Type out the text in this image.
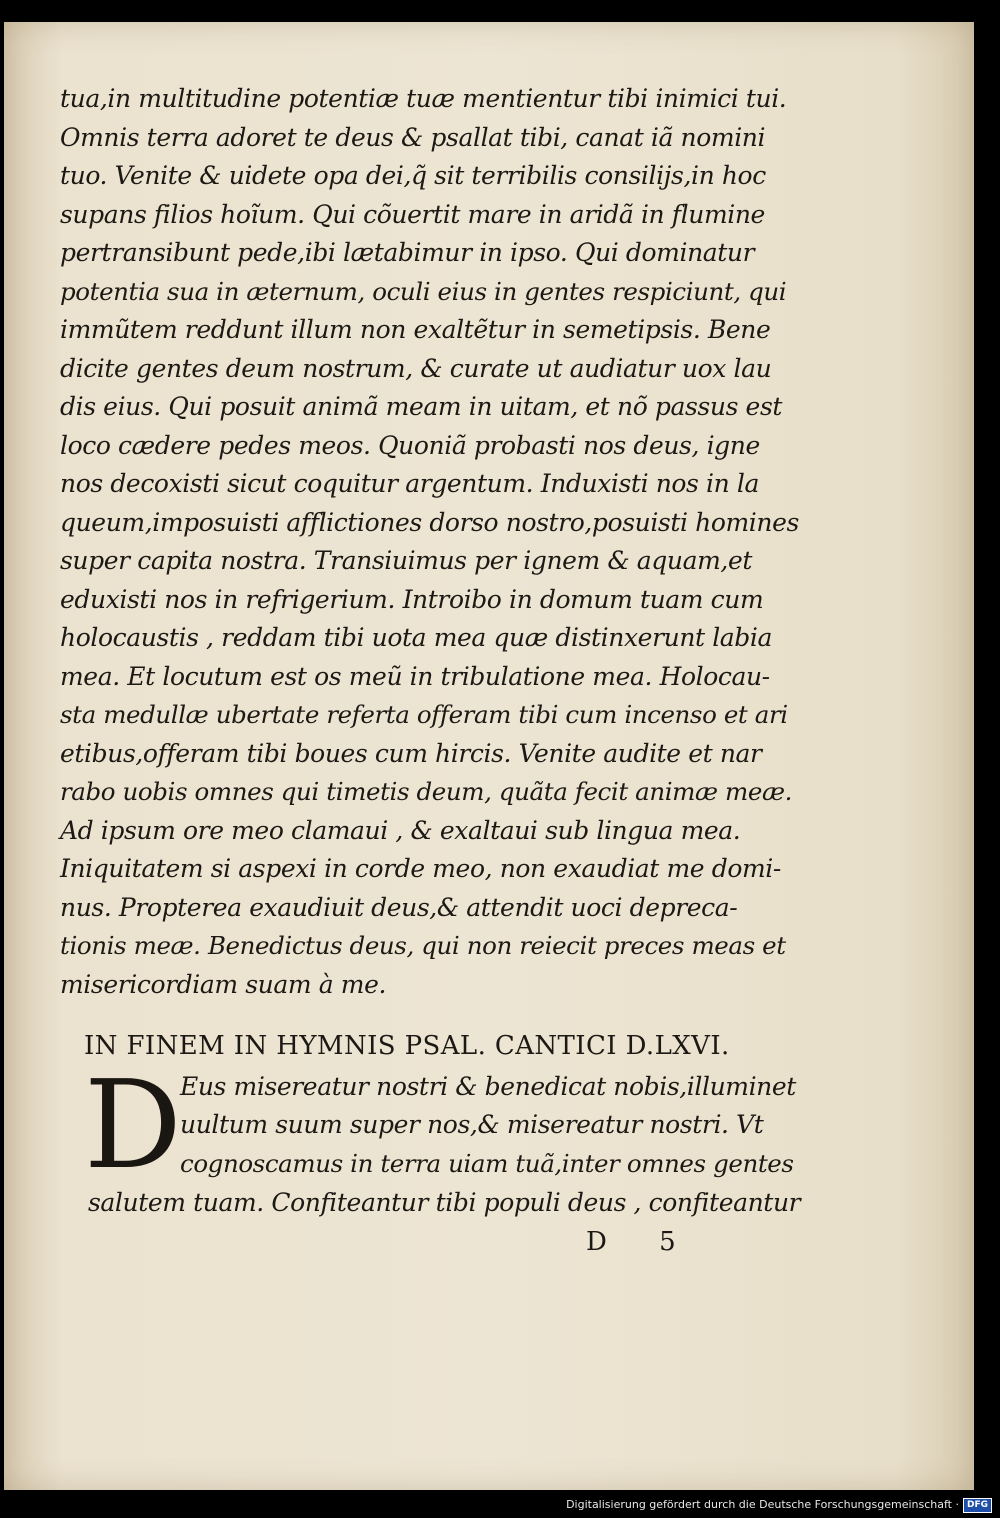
tua,in multitudine potentiæ tuæ mentientur tibi inimici tui.
Omnis terra adoret te deus & psallat tibi, canat iã nomini
tuo. Venite & uidete opa dei,q̃ sit terribilis consilijs,in hoc
supans filios hoĩum. Qui cõuertit mare in aridã in flumine
pertransibunt pede,ibi lætabimur in ipso. Qui dominatur
potentia sua in æternum, oculi eius in gentes respiciunt, qui
immũtem reddunt illum non exaltẽtur in semetipsis. Bene
dicite gentes deum nostrum, & curate ut audiatur uox lau
dis eius. Qui posuit animã meam in uitam, et nõ passus est
loco cædere pedes meos. Quoniã probasti nos deus, igne
nos decoxisti sicut coquitur argentum. Induxisti nos in la
queum,imposuisti afflictiones dorso nostro,posuisti homines
super capita nostra. Transiuimus per ignem & aquam,et
eduxisti nos in refrigerium. Introibo in domum tuam cum
holocaustis , reddam tibi uota mea quæ distinxerunt labia
mea. Et locutum est os meũ in tribulatione mea. Holocau-
sta medullæ ubertate referta offeram tibi cum incenso et ari
etibus,offeram tibi boues cum hircis. Venite audite et nar
rabo uobis omnes qui timetis deum, quãta fecit animæ meæ.
Ad ipsum ore meo clamaui , & exaltaui sub lingua mea.
Iniquitatem si aspexi in corde meo, non exaudiat me domi-
nus. Propterea exaudiuit deus,& attendit uoci depreca-
tionis meæ. Benedictus deus, qui non reiecit preces meas et
misericordiam suam à me.
IN FINEM IN HYMNIS PSAL. CANTICI D.LXVI.
D
Eus misereatur nostri & benedicat nobis,illuminet
uultum suum super nos,& misereatur nostri. Vt
cognoscamus in terra uiam tuã,inter omnes gentes
salutem tuam. Confiteantur tibi populi deus , confiteantur
D 5
Digitalisierung gefördert durch die Deutsche Forschungsgemeinschaft · DFG
